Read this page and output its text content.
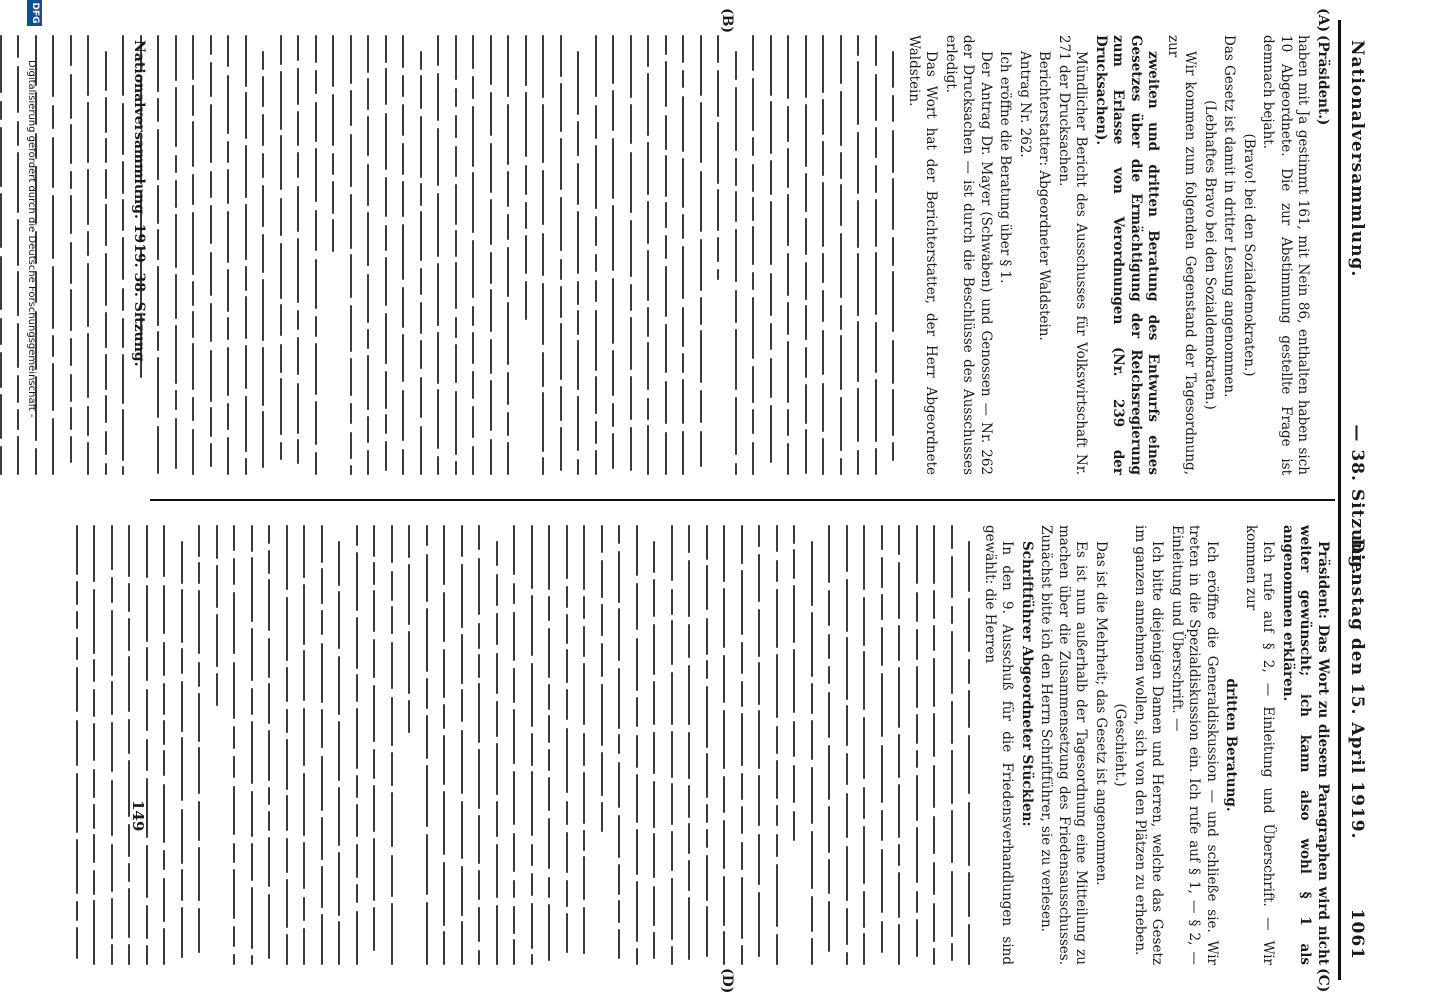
Nationalversammlung.
— 38. Sitzung.
Dienstag den 15. April 1919.          1061
(A)
(B)
(C)
(D)

(Präsident.)

haben mit Ja gestimmt 161, mit Nein 86, enthalten haben sich 10 Abgeordnete. Die zur Abstimmung gestellte Frage ist demnach bejaht.

(Bravo! bei den Sozialdemokraten.)

Das Gesetz ist damit in dritter Lesung angenommen.

(Lebhaftes Bravo bei den Sozialdemokraten.)

Wir kommen zum folgenden Gegenstand der Tagesordnung, zur

zweiten und dritten Beratung des Entwurfs eines Gesetzes über die Ermächtigung der Reichsregierung zum Erlasse von Verordnungen (Nr. 239 der Drucksachen).

Mündlicher Bericht des Ausschusses für Volkswirtschaft Nr. 271 der Drucksachen.

Berichterstatter: Abgeordneter Waldstein.

Antrag Nr. 262.

Ich eröffne die Beratung über § 1.

Der Antrag Dr. Mayer (Schwaben) und Genossen — Nr. 262 der Drucksachen — ist durch die Beschlüsse des Ausschusses erledigt.

Das Wort hat der Berichterstatter, der Herr Abgeordnete Waldstein.

Präsident: Das Wort zu diesem Paragraphen wird nicht weiter gewünscht; ich kann also wohl § 1 als angenommen erklären.

Ich rufe auf § 2, — Einleitung und Überschrift. — Wir kommen zur

dritten Beratung.

Ich eröffne die Generaldiskussion — und schließe sie. Wir treten in die Spezialdiskussion ein. Ich rufe auf § 1, — § 2, — Einleitung und Überschrift. —

Ich bitte diejenigen Damen und Herren, welche das Gesetz im ganzen annehmen wollen, sich von den Plätzen zu erheben.

(Geschieht.)

Das ist die Mehrheit; das Gesetz ist angenommen.

Es ist nun außerhalb der Tagesordnung eine Mitteilung zu machen über die Zusammensetzung des Friedensausschusses. Zunächst bitte ich den Herrn Schriftführer, sie zu verlesen.

Schriftführer Abgeordneter Stücklen:

In den 9. Ausschuß für die Friedensverhandlungen sind gewählt: die Herren

Nationalversammlung. 1919. 38. Sitzung.
149
DFG
Digitalisierung gefördert durch die Deutsche Forschungsgemeinschaft -
